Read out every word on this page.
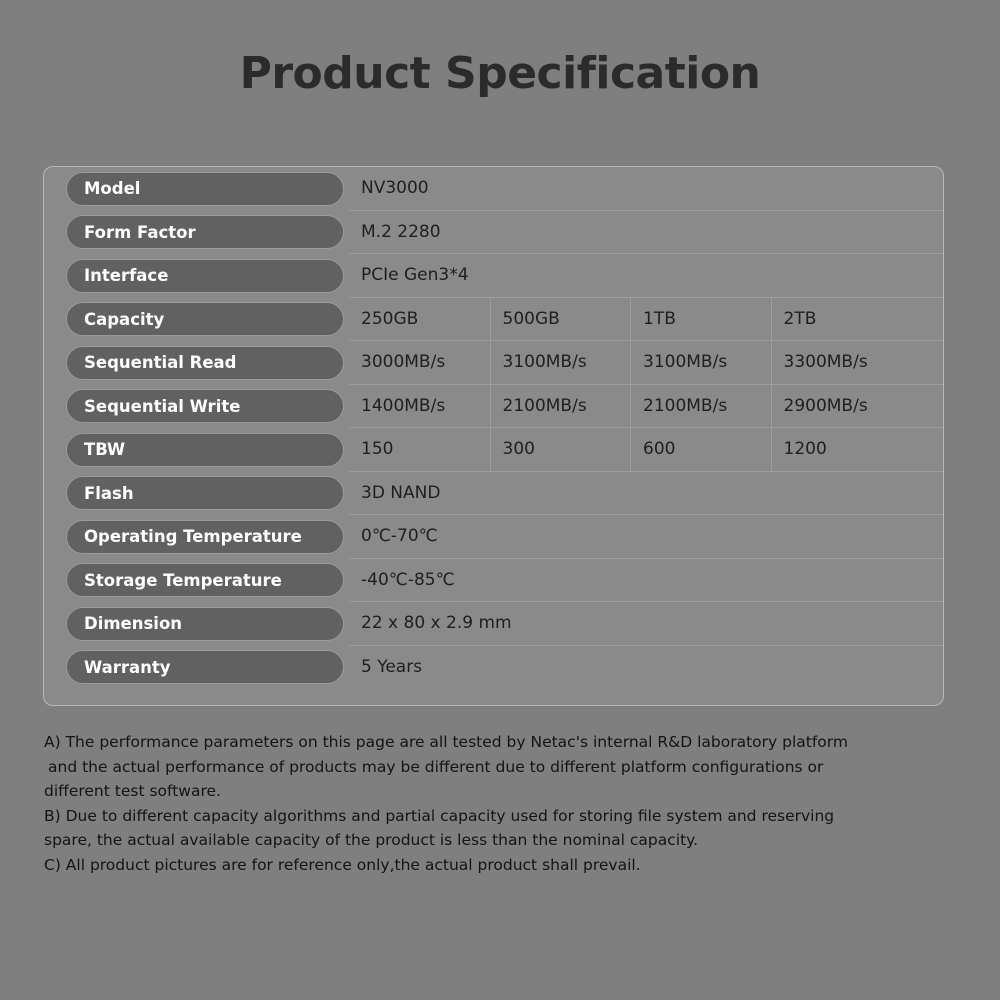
Product Specification
Model	NV3000
Form Factor	M.2 2280
Interface	PCIe Gen3*4
Capacity	250GB	500GB	1TB	2TB
Sequential Read	3000MB/s	3100MB/s	3100MB/s	3300MB/s
Sequential Write	1400MB/s	2100MB/s	2100MB/s	2900MB/s
TBW	150	300	600	1200
Flash	3D NAND
Operating Temperature	0℃-70℃
Storage Temperature	-40℃-85℃
Dimension	22 x 80 x 2.9 mm
Warranty	5 Years

A) The performance parameters on this page are all tested by Netac's internal R&D laboratory platform

and the actual performance of products may be different due to different platform configurations or

different test software.

B) Due to different capacity algorithms and partial capacity used for storing file system and reserving

spare, the actual available capacity of the product is less than the nominal capacity.

C) All product pictures are for reference only,the actual product shall prevail.
